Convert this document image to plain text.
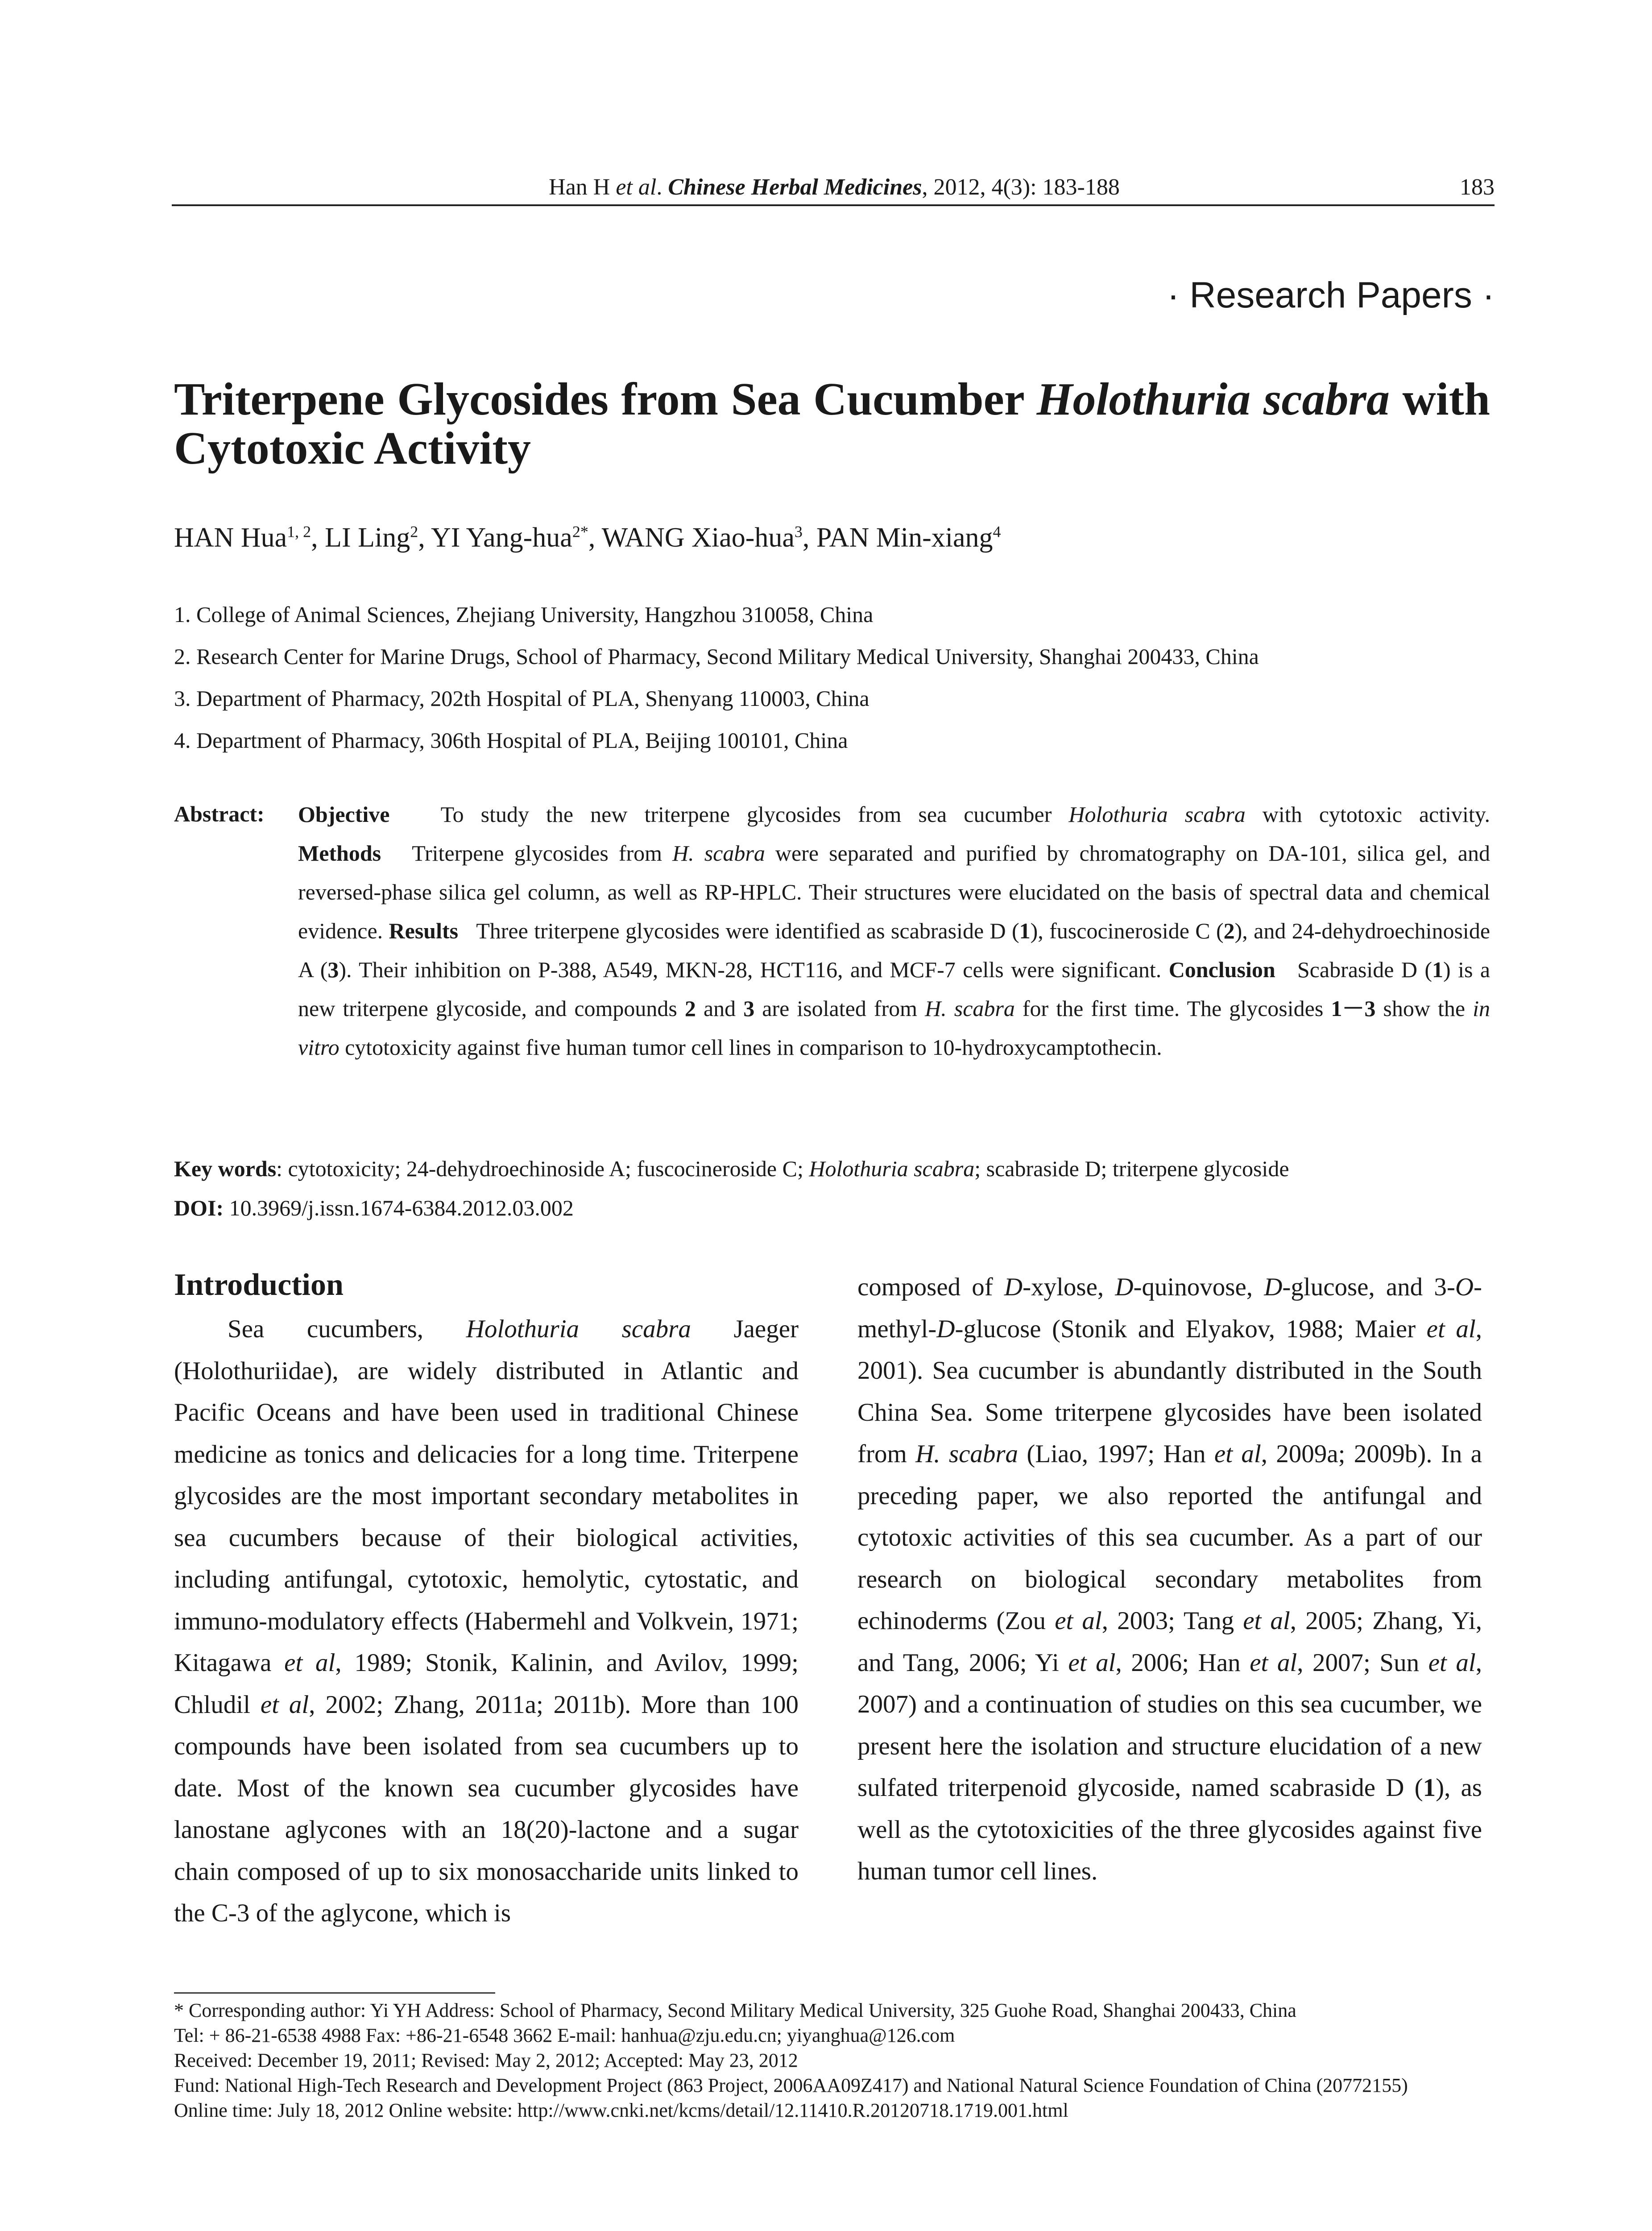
Han H et al. Chinese Herbal Medicines, 2012, 4(3): 183-188	183
· Research Papers ·
Triterpene Glycosides from Sea Cucumber Holothuria scabra with Cytotoxic Activity
HAN Hua$^{1, 2}$, LI Ling$^2$, YI Yang-hua$^{2*}$, WANG Xiao-hua$^3$, PAN Min-xiang$^4$
1. College of Animal Sciences, Zhejiang University, Hangzhou 310058, China
2. Research Center for Marine Drugs, School of Pharmacy, Second Military Medical University, Shanghai 200433, China
3. Department of Pharmacy, 202th Hospital of PLA, Shenyang 110003, China
4. Department of Pharmacy, 306th Hospital of PLA, Beijing 100101, China
Abstract: Objective To study the new triterpene glycosides from sea cucumber Holothuria scabra with cytotoxic activity. Methods Triterpene glycosides from H. scabra were separated and purified by chromatography on DA-101, silica gel, and reversed-phase silica gel column, as well as RP-HPLC. Their structures were elucidated on the basis of spectral data and chemical evidence. Results Three triterpene glycosides were identified as scabraside D (1), fuscocineroside C (2), and 24-dehydroechinoside A (3). Their inhibition on P-388, A549, MKN-28, HCT116, and MCF-7 cells were significant. Conclusion Scabraside D (1) is a new triterpene glycoside, and compounds 2 and 3 are isolated from H. scabra for the first time. The glycosides 1－3 show the in vitro cytotoxicity against five human tumor cell lines in comparison to 10-hydroxycamptothecin.
Key words: cytotoxicity; 24-dehydroechinoside A; fuscocineroside C; Holothuria scabra; scabraside D; triterpene glycoside
DOI: 10.3969/j.issn.1674-6384.2012.03.002
Introduction

Sea cucumbers, Holothuria scabra Jaeger (Holothuriidae), are widely distributed in Atlantic and Pacific Oceans and have been used in traditional Chinese medicine as tonics and delicacies for a long time. Triterpene glycosides are the most important secondary metabolites in sea cucumbers because of their biological activities, including antifungal, cytotoxic, hemolytic, cytostatic, and immuno-modulatory effects (Habermehl and Volkvein, 1971; Kitagawa et al, 1989; Stonik, Kalinin, and Avilov, 1999; Chludil et al, 2002; Zhang, 2011a; 2011b). More than 100 compounds have been isolated from sea cucumbers up to date. Most of the known sea cucumber glycosides have lanostane aglycones with an 18(20)-lactone and a sugar chain composed of up to six monosaccharide units linked to the C-3 of the aglycone, which is

composed of D-xylose, D-quinovose, D-glucose, and 3-O-methyl-D-glucose (Stonik and Elyakov, 1988; Maier et al, 2001). Sea cucumber is abundantly distributed in the South China Sea. Some triterpene glycosides have been isolated from H. scabra (Liao, 1997; Han et al, 2009a; 2009b). In a preceding paper, we also reported the antifungal and cytotoxic activities of this sea cucumber. As a part of our research on biological secondary metabolites from echinoderms (Zou et al, 2003; Tang et al, 2005; Zhang, Yi, and Tang, 2006; Yi et al, 2006; Han et al, 2007; Sun et al, 2007) and a continuation of studies on this sea cucumber, we present here the isolation and structure elucidation of a new sulfated triterpenoid glycoside, named scabraside D (1), as well as the cytotoxicities of the three glycosides against five human tumor cell lines.

* Corresponding author: Yi YH Address: School of Pharmacy, Second Military Medical University, 325 Guohe Road, Shanghai 200433, China
Tel: + 86-21-6538 4988 Fax: +86-21-6548 3662 E-mail: hanhua@zju.edu.cn; yiyanghua@126.com
Received: December 19, 2011; Revised: May 2, 2012; Accepted: May 23, 2012
Fund: National High-Tech Research and Development Project (863 Project, 2006AA09Z417) and National Natural Science Foundation of China (20772155)
Online time: July 18, 2012 Online website: http://www.cnki.net/kcms/detail/12.11410.R.20120718.1719.001.html
